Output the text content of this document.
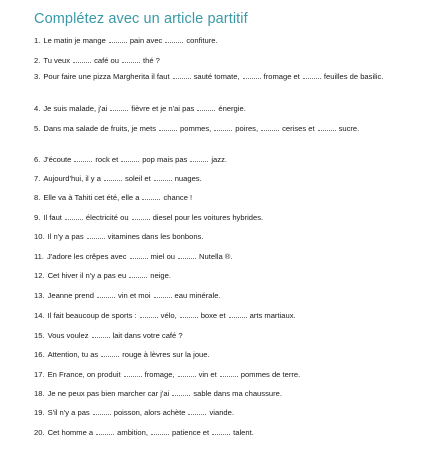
Complétez avec un article partitif
1. Le matin je mange	pain avec	confiture.
2. Tu veux	café ou	thé ?
3. Pour faire une pizza Margherita il faut	sauté tomate,	fromage et	feuilles de basilic.
4. Je suis malade, j'ai	fièvre et je n'ai pas	énergie.
5. Dans ma salade de fruits, je mets	pommes,	poires,	cerises et	sucre.
6. J'écoute	rock et	pop mais pas	jazz.
7. Aujourd'hui, il y a	soleil et	nuages.
8. Elle va à Tahiti cet été, elle a	chance !
9. Il faut	électricité ou	diesel pour les voitures hybrides.
10. Il n'y a pas	vitamines dans les bonbons.
11. J'adore les crêpes avec	miel ou	Nutella ®.
12. Cet hiver il n'y a pas eu	neige.
13. Jeanne prend	vin et moi	eau minérale.
14. Il fait beaucoup de sports :	vélo,	boxe et	arts martiaux.
15. Vous voulez	lait dans votre café ?
16. Attention, tu as	rouge à lèvres sur la joue.
17. En France, on produit	fromage,	vin et	pommes de terre.
18. Je ne peux pas bien marcher car j'ai	sable dans ma chaussure.
19. S'il n'y a pas	poisson, alors achète	viande.
20. Cet homme a	ambition,	patience et	talent.
